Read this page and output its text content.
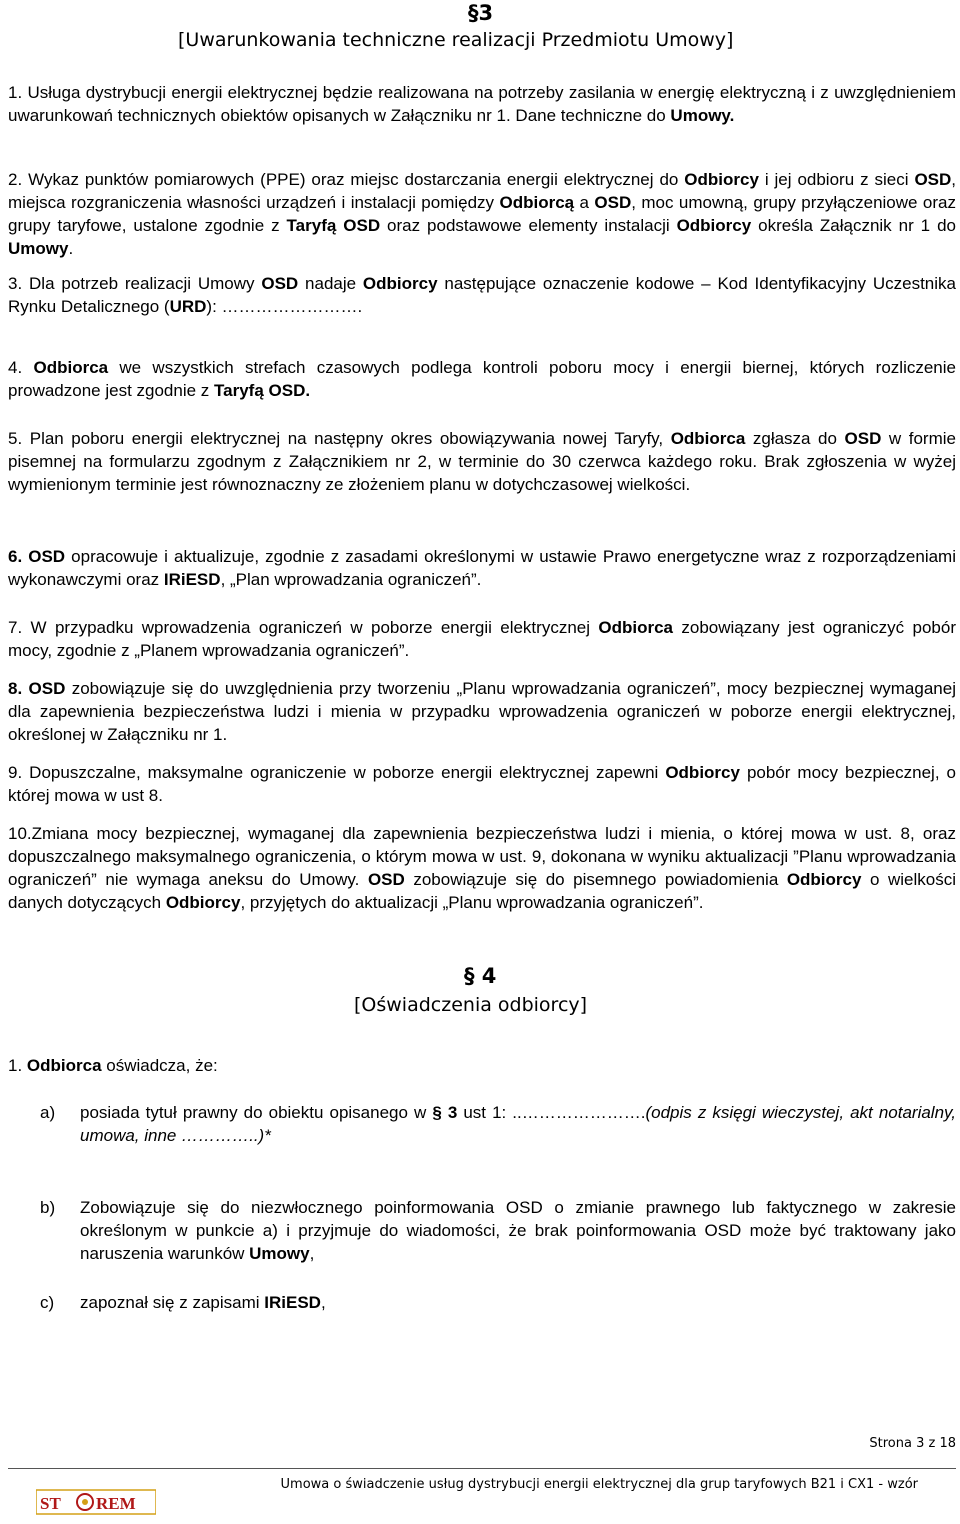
§3
[Uwarunkowania techniczne realizacji Przedmiotu Umowy]

1. Usługa dystrybucji energii elektrycznej będzie realizowana na potrzeby zasilania w energię elektryczną i z uwzględnieniem uwarunkowań technicznych obiektów opisanych w Załączniku nr 1. Dane techniczne do Umowy.

2. Wykaz punktów pomiarowych (PPE) oraz miejsc dostarczania energii elektrycznej do Odbiorcy i jej odbioru z sieci OSD, miejsca rozgraniczenia własności urządzeń i instalacji pomiędzy Odbiorcą a OSD, moc umowną, grupy przyłączeniowe oraz grupy taryfowe, ustalone zgodnie z Taryfą OSD oraz podstawowe elementy instalacji Odbiorcy określa Załącznik nr 1 do Umowy.

3. Dla potrzeb realizacji Umowy OSD nadaje Odbiorcy następujące oznaczenie kodowe – Kod Identyfikacyjny Uczestnika Rynku Detalicznego (URD): …………………….

4. Odbiorca we wszystkich strefach czasowych podlega kontroli poboru mocy i energii biernej, których rozliczenie prowadzone jest zgodnie z Taryfą OSD.

5. Plan poboru energii elektrycznej na następny okres obowiązywania nowej Taryfy, Odbiorca zgłasza do OSD w formie pisemnej na formularzu zgodnym z Załącznikiem nr 2, w terminie do 30 czerwca każdego roku. Brak zgłoszenia w wyżej wymienionym terminie jest równoznaczny ze złożeniem planu w dotychczasowej wielkości.

6. OSD opracowuje i aktualizuje, zgodnie z zasadami określonymi w ustawie Prawo energetyczne wraz z rozporządzeniami wykonawczymi oraz IRiESD, „Plan wprowadzania ograniczeń”.

7. W przypadku wprowadzenia ograniczeń w poborze energii elektrycznej Odbiorca zobowiązany jest ograniczyć pobór mocy, zgodnie z „Planem wprowadzania ograniczeń”.

8. OSD zobowiązuje się do uwzględnienia przy tworzeniu „Planu wprowadzania ograniczeń”, mocy bezpiecznej wymaganej dla zapewnienia bezpieczeństwa ludzi i mienia w przypadku wprowadzenia ograniczeń w poborze energii elektrycznej, określonej w Załączniku nr 1.

9. Dopuszczalne, maksymalne ograniczenie w poborze energii elektrycznej zapewni Odbiorcy pobór mocy bezpiecznej, o której mowa w ust 8.

10.Zmiana mocy bezpiecznej, wymaganej dla zapewnienia bezpieczeństwa ludzi i mienia, o której mowa w ust. 8, oraz dopuszczalnego maksymalnego ograniczenia, o którym mowa w ust. 9, dokonana w wyniku aktualizacji ”Planu wprowadzania ograniczeń” nie wymaga aneksu do Umowy. OSD zobowiązuje się do pisemnego powiadomienia Odbiorcy o wielkości danych dotyczących Odbiorcy, przyjętych do aktualizacji „Planu wprowadzania ograniczeń”.

§ 4
[Oświadczenia odbiorcy]

1. Odbiorca oświadcza, że:

a) posiada tytuł prawny do obiektu opisanego w § 3 ust 1: ..………………….(odpis z księgi wieczystej, akt notarialny, umowa, inne …………..)*
b) Zobowiązuje się do niezwłocznego poinformowania OSD o zmianie prawnego lub faktycznego w zakresie określonym w punkcie a) i przyjmuje do wiadomości, że brak poinformowania OSD może być traktowany jako naruszenia warunków Umowy,
c) zapoznał się z zapisami IRiESD,
Strona 3 z 18
Umowa o świadczenie usług dystrybucji energii elektrycznej dla grup taryfowych B21 i CX1 - wzór
ST REM
